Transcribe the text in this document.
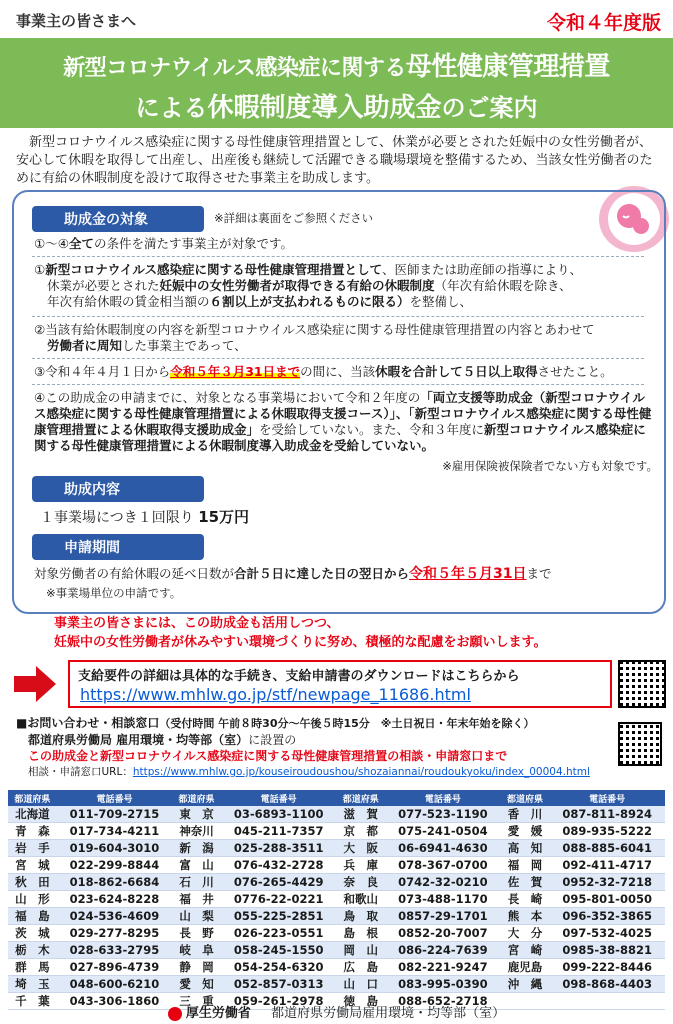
事業主の皆さまへ	令和４年度版
新型コロナウイルス感染症に関する母性健康管理措置
による休暇制度導入助成金のご案内
新型コロナウイルス感染症に関する母性健康管理措置として、休業が必要とされた妊娠中の女性労働者が、安心して休暇を取得して出産し、出産後も継続して活躍できる職場環境を整備するため、当該女性労働者のために有給の休暇制度を設けて取得させた事業主を助成します。
助成金の対象	※詳細は裏面をご参照ください
①〜④全ての条件を満たす事業主が対象です。
①新型コロナウイルス感染症に関する母性健康管理措置として、医師または助産師の指導により、
休業が必要とされた妊娠中の女性労働者が取得できる有給の休暇制度（年次有給休暇を除き、
年次有給休暇の賃金相当額の６割以上が支払われるものに限る）を整備し、
②当該有給休暇制度の内容を新型コロナウイルス感染症に関する母性健康管理措置の内容とあわせて
労働者に周知した事業主であって、
③令和４年４月１日から令和５年３月31日までの間に、当該休暇を合計して５日以上取得させたこと。
④この助成金の申請までに、対象となる事業場において令和２年度の「両立支援等助成金（新型コロナウイルス感染症に関する母性健康管理措置による休暇取得支援コース）」、「新型コロナウイルス感染症に関する母性健康管理措置による休暇取得支援助成金」を受給していない。また、令和３年度に新型コロナウイルス感染症に関する母性健康管理措置による休暇制度導入助成金を受給していない。
※雇用保険被保険者でない方も対象です。
助成内容
１事業場につき１回限り 15万円
申請期間
対象労働者の有給休暇の延べ日数が合計５日に達した日の翌日から令和５年５月31日まで
※事業場単位の申請です。
事業主の皆さまには、この助成金も活用しつつ、
妊娠中の女性労働者が休みやすい環境づくりに努め、積極的な配慮をお願いします。
支給要件の詳細は具体的な手続き、支給申請書のダウンロードはこちらから
https://www.mhlw.go.jp/stf/newpage_11686.html
■お問い合わせ・相談窓口（受付時間 午前８時30分〜午後５時15分　※土日祝日・年末年始を除く）
都道府県労働局 雇用環境・均等部（室）に設置の
この助成金と新型コロナウイルス感染症に関する母性健康管理措置の相談・申請窓口まで
相談・申請窓口URL：https://www.mhlw.go.jp/kouseiroudoushou/shozaiannai/roudoukyoku/index_00004.html
都道府県	電話番号	都道府県	電話番号	都道府県	電話番号	都道府県	電話番号
北海道	011-709-2715	東　京	03-6893-1100	滋　賀	077-523-1190	香　川	087-811-8924
青　森	017-734-4211	神奈川	045-211-7357	京　都	075-241-0504	愛　媛	089-935-5222
岩　手	019-604-3010	新　潟	025-288-3511	大　阪	06-6941-4630	高　知	088-885-6041
宮　城	022-299-8844	富　山	076-432-2728	兵　庫	078-367-0700	福　岡	092-411-4717
秋　田	018-862-6684	石　川	076-265-4429	奈　良	0742-32-0210	佐　賀	0952-32-7218
山　形	023-624-8228	福　井	0776-22-0221	和歌山	073-488-1170	長　崎	095-801-0050
福　島	024-536-4609	山　梨	055-225-2851	鳥　取	0857-29-1701	熊　本	096-352-3865
茨　城	029-277-8295	長　野	026-223-0551	島　根	0852-20-7007	大　分	097-532-4025
栃　木	028-633-2795	岐　阜	058-245-1550	岡　山	086-224-7639	宮　崎	0985-38-8821
群　馬	027-896-4739	静　岡	054-254-6320	広　島	082-221-9247	鹿児島	099-222-8446
埼　玉	048-600-6210	愛　知	052-857-0313	山　口	083-995-0390	沖　縄	098-868-4403
千　葉	043-306-1860	三　重	059-261-2978	徳　島	088-652-2718		
厚生労働省 都道府県労働局雇用環境・均等部（室）
